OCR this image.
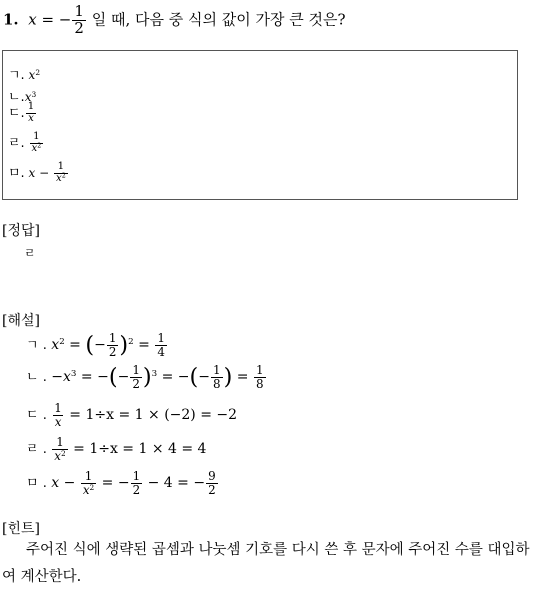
1. x = − $\frac{1}{2}$ 일 때, 다음 중 식의 값이 가장 큰 것은?
ㄱ. $x^2$
ㄴ$.x^3$
ㄷ. $\frac{1}{x}$
ㄹ. $\frac{1}{x^2}$
ㅁ. $x - \frac{1}{x^2}$
[정답]
ㄹ
[해설]
ㄱ . $x^2$ = (− $\frac{1}{2} )^2 = \frac{1}{4}$
ㄴ . $-x^3$ = −(− $\frac{1}{2} )^3$ = −(− $\frac{1}{8}$ ) = $\frac{1}{8}$
ㄷ . $\frac{1}{x} = 1\div x = 1 \times (-2) = -2$
ㄹ . $\frac{1}{x^2} = 1\div x = 1 \times 4 = 4$
ㅁ . $x - \frac{1}{x^2}$ = − $\frac{1}{2} - 4$ = − $\frac{9}{2}$
[힌트]
주어진 식에 생략된 곱셈과 나눗셈 기호를 다시 쓴 후 문자에 주어진 수를 대입하여 계산한다.
